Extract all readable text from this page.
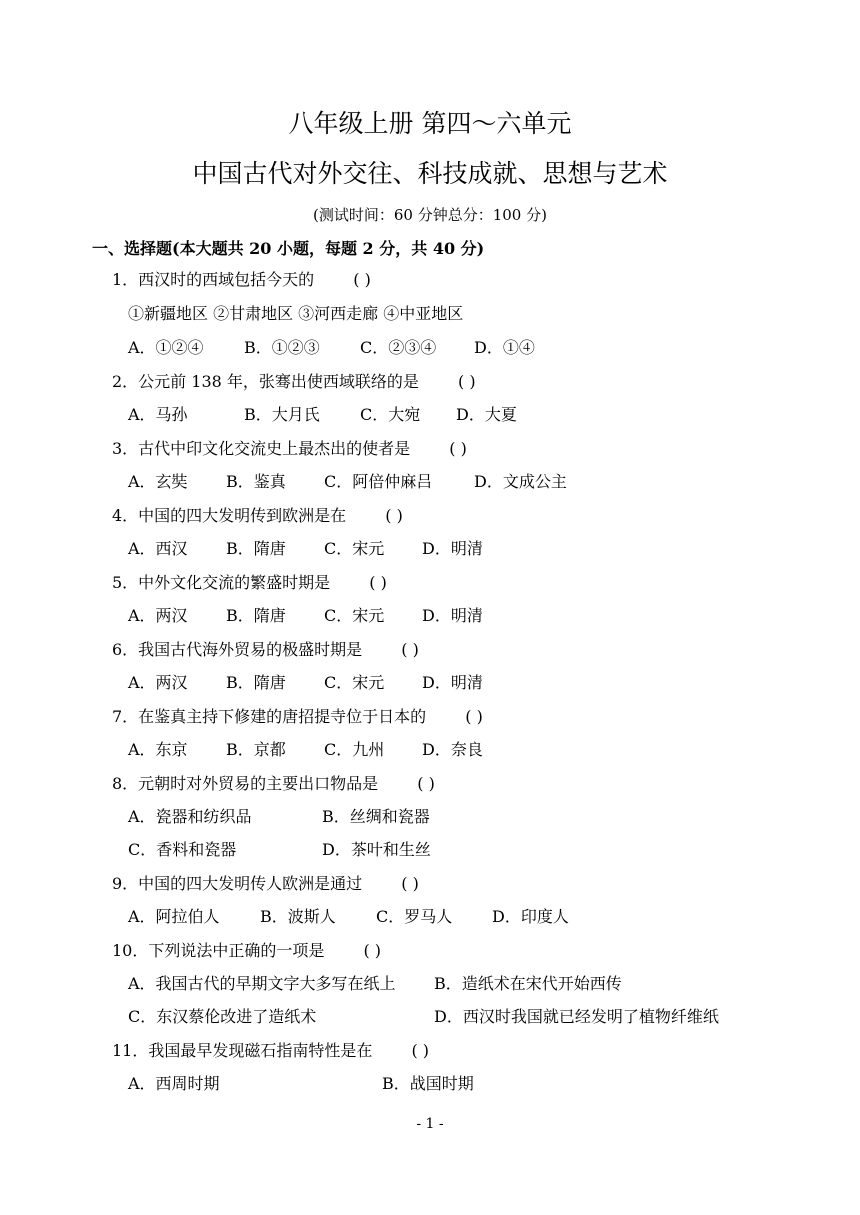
八年级上册 第四～六单元
中国古代对外交往、科技成就、思想与艺术
(测试时间：60 分钟总分：100 分)
一、选择题(本大题共 20 小题，每题 2 分，共 40 分)
1．西汉时的西域包括今天的 ( )
①新疆地区 ②甘肃地区 ③河西走廊 ④中亚地区
A．①②④	B．①②③	C．②③④ D．①④
2．公元前 138 年，张骞出使西域联络的是 ( )
A．马孙	B．大月氏	C．大宛 D．大夏
3．古代中印文化交流史上最杰出的使者是 ( )
A．玄奘 B．鉴真 C．阿倍仲麻吕	D．文成公主
4．中国的四大发明传到欧洲是在 ( )
A．西汉 B．隋唐 C．宋元 D．明清
5．中外文化交流的繁盛时期是 ( )
A．两汉 B．隋唐 C．宋元 D．明清
6．我国古代海外贸易的极盛时期是 ( )
A．两汉 B．隋唐 C．宋元 D．明清
7．在鉴真主持下修建的唐招提寺位于日本的 ( )
A．东京 B．京都 C．九州 D．奈良
8．元朝时对外贸易的主要出口物品是 ( )
A．瓷器和纺织品	B．丝绸和瓷器
C．香料和瓷器	D．茶叶和生丝
9．中国的四大发明传人欧洲是通过 ( )
A．阿拉伯人	B．波斯人	C．罗马人 D．印度人
10．下列说法中正确的一项是 ( )
A．我国古代的早期文字大多写在纸上 B．造纸术在宋代开始西传
C．东汉蔡伦改进了造纸术	D．西汉时我国就已经发明了植物纤维纸
11．我国最早发现磁石指南特性是在 ( )
A．西周时期	B．战国时期
- 1 -
